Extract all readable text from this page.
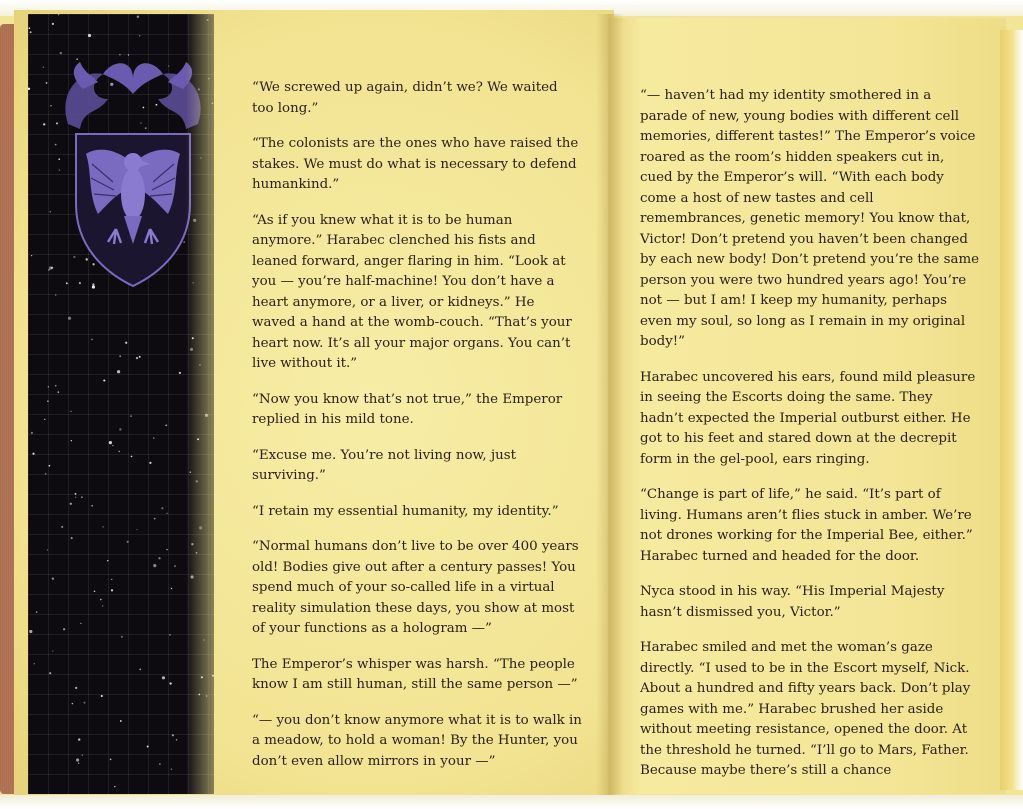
“We screwed up again, didn’t we? We waited too long.”

“The colonists are the ones who have raised the stakes. We must do what is necessary to defend humankind.”

“As if you knew what it is to be human anymore.” Harabec clenched his fists and leaned forward, anger flaring in him. “Look at you — you’re half-machine! You don’t have a heart anymore, or a liver, or kidneys.” He waved a hand at the womb-couch. “That’s your heart now. It’s all your major organs. You can’t live without it.”

“Now you know that’s not true,” the Emperor replied in his mild tone.

“Excuse me. You’re not living now, just surviving.”

“I retain my essential humanity, my identity.”

“Normal humans don’t live to be over 400 years old! Bodies give out after a century passes! You spend much of your so-called life in a virtual reality simulation these days, you show at most of your functions as a hologram —”

The Emperor’s whisper was harsh. “The people know I am still human, still the same person —”

“— you don’t know anymore what it is to walk in a meadow, to hold a woman! By the Hunter, you don’t even allow mirrors in your —”

“— haven’t had my identity smothered in a parade of new, young bodies with different cell memories, different tastes!” The Emperor’s voice roared as the room’s hidden speakers cut in, cued by the Emperor’s will. “With each body come a host of new tastes and cell remembrances, genetic memory! You know that, Victor! Don’t pretend you haven’t been changed by each new body! Don’t pretend you’re the same person you were two hundred years ago! You’re not — but I am! I keep my humanity, perhaps even my soul, so long as I remain in my original body!”

Harabec uncovered his ears, found mild pleasure in seeing the Escorts doing the same. They hadn’t expected the Imperial outburst either. He got to his feet and stared down at the decrepit form in the gel-pool, ears ringing.

“Change is part of life,” he said. “It’s part of living. Humans aren’t flies stuck in amber. We’re not drones working for the Imperial Bee, either.” Harabec turned and headed for the door.

Nyca stood in his way. “His Imperial Majesty hasn’t dismissed you, Victor.”

Harabec smiled and met the woman’s gaze directly. “I used to be in the Escort myself, Nick. About a hundred and fifty years back. Don’t play games with me.” Harabec brushed her aside without meeting resistance, opened the door. At the threshold he turned. “I’ll go to Mars, Father. Because maybe there’s still a chance
